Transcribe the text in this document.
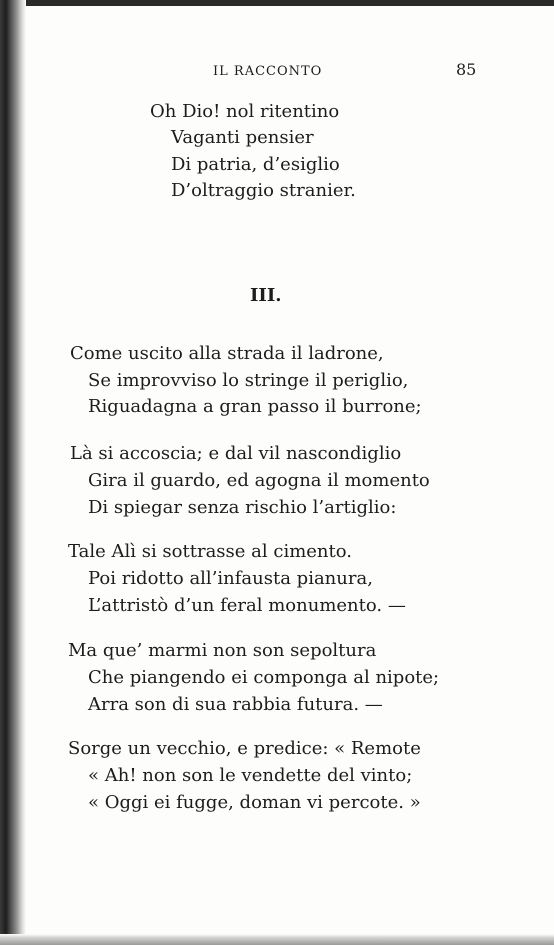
IL RACCONTO	85
Oh Dio! nol ritentino
Vaganti pensier
Di patria, d’esiglio
D’oltraggio stranier.
III.
Come uscito alla strada il ladrone,
Se improvviso lo stringe il periglio,
Riguadagna a gran passo il burrone;
Là si accoscia; e dal vil nascondiglio
Gira il guardo, ed agogna il momento
Di spiegar senza rischio l’artiglio:
Tale Alì si sottrasse al cimento.
Poi ridotto all’infausta pianura,
L’attristò d’un feral monumento. —
Ma que’ marmi non son sepoltura
Che piangendo ei componga al nipote;
Arra son di sua rabbia futura. —
Sorge un vecchio, e predice: « Remote
« Ah! non son le vendette del vinto;
« Oggi ei fugge, doman vi percote. »
